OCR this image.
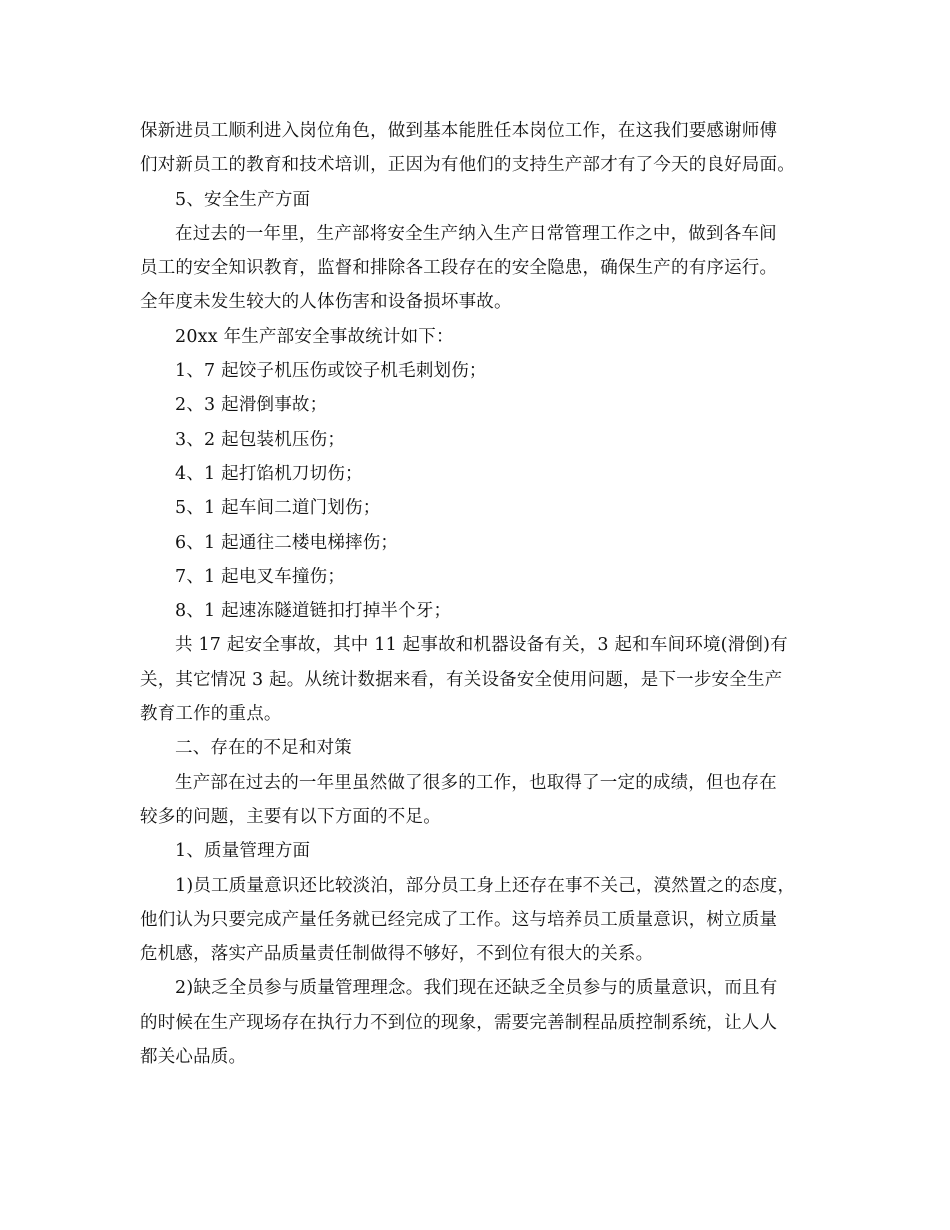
保新进员工顺利进入岗位角色，做到基本能胜任本岗位工作，在这我们要感谢师傅
们对新员工的教育和技术培训，正因为有他们的支持生产部才有了今天的良好局面。
5、安全生产方面
在过去的一年里，生产部将安全生产纳入生产日常管理工作之中，做到各车间
员工的安全知识教育，监督和排除各工段存在的安全隐患，确保生产的有序运行。
全年度未发生较大的人体伤害和设备损坏事故。
20xx 年生产部安全事故统计如下：
1、7 起饺子机压伤或饺子机毛刺划伤；
2、3 起滑倒事故；
3、2 起包装机压伤；
4、1 起打馅机刀切伤；
5、1 起车间二道门划伤；
6、1 起通往二楼电梯摔伤；
7、1 起电叉车撞伤；
8、1 起速冻隧道链扣打掉半个牙；
共 17 起安全事故，其中 11 起事故和机器设备有关，3 起和车间环境(滑倒)有
关，其它情况 3 起。从统计数据来看，有关设备安全使用问题，是下一步安全生产
教育工作的重点。
二、存在的不足和对策
生产部在过去的一年里虽然做了很多的工作，也取得了一定的成绩，但也存在
较多的问题，主要有以下方面的不足。
1、质量管理方面
1)员工质量意识还比较淡泊，部分员工身上还存在事不关己，漠然置之的态度，
他们认为只要完成产量任务就已经完成了工作。这与培养员工质量意识，树立质量
危机感，落实产品质量责任制做得不够好，不到位有很大的关系。
2)缺乏全员参与质量管理理念。我们现在还缺乏全员参与的质量意识，而且有
的时候在生产现场存在执行力不到位的现象，需要完善制程品质控制系统，让人人
都关心品质。
